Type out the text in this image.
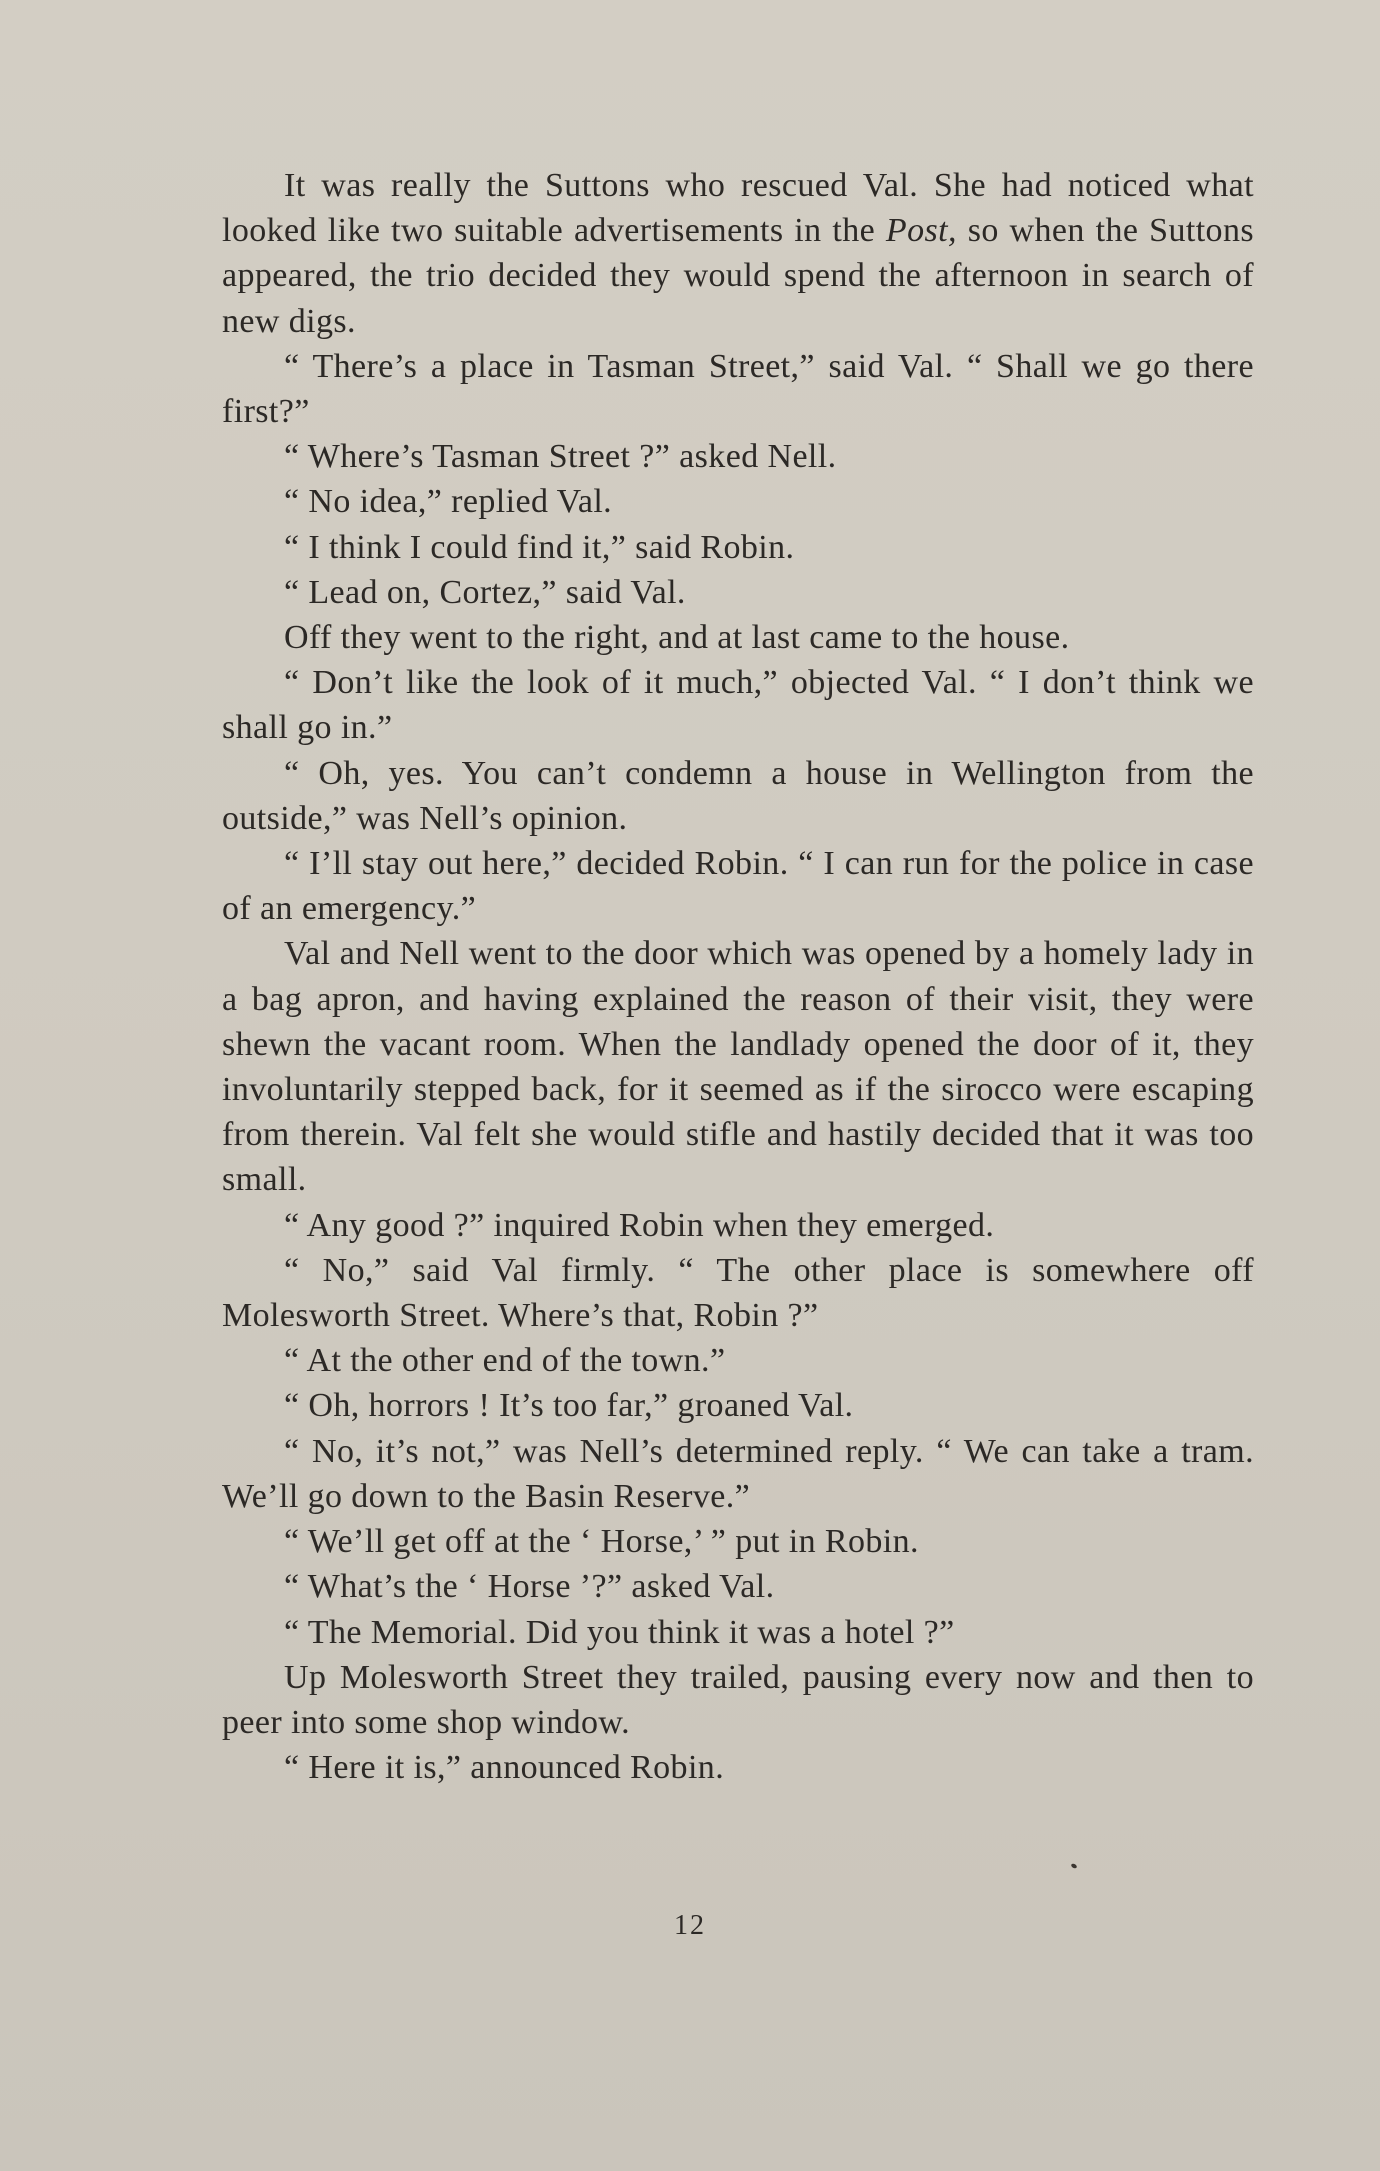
It was really the Suttons who rescued Val. She had noticed what looked like two suitable advertisements in the Post, so when the Suttons appeared, the trio decided they would spend the afternoon in search of new digs.

“ There’s a place in Tasman Street,” said Val. “ Shall we go there first?”

“ Where’s Tasman Street ?” asked Nell.

“ No idea,” replied Val.

“ I think I could find it,” said Robin.

“ Lead on, Cortez,” said Val.

Off they went to the right, and at last came to the house.

“ Don’t like the look of it much,” objected Val. “ I don’t think we shall go in.”

“ Oh, yes. You can’t condemn a house in Wellington from the outside,” was Nell’s opinion.

“ I’ll stay out here,” decided Robin. “ I can run for the police in case of an emergency.”

Val and Nell went to the door which was opened by a homely lady in a bag apron, and having explained the reason of their visit, they were shewn the vacant room. When the landlady opened the door of it, they involuntarily stepped back, for it seemed as if the sirocco were escaping from therein. Val felt she would stifle and hastily decided that it was too small.

“ Any good ?” inquired Robin when they emerged.

“ No,” said Val firmly. “ The other place is somewhere off Molesworth Street. Where’s that, Robin ?”

“ At the other end of the town.”

“ Oh, horrors ! It’s too far,” groaned Val.

“ No, it’s not,” was Nell’s determined reply. “ We can take a tram. We’ll go down to the Basin Reserve.”

“ We’ll get off at the ‘ Horse,’ ” put in Robin.

“ What’s the ‘ Horse ’?” asked Val.

“ The Memorial. Did you think it was a hotel ?”

Up Molesworth Street they trailed, pausing every now and then to peer into some shop window.

“ Here it is,” announced Robin.

12
